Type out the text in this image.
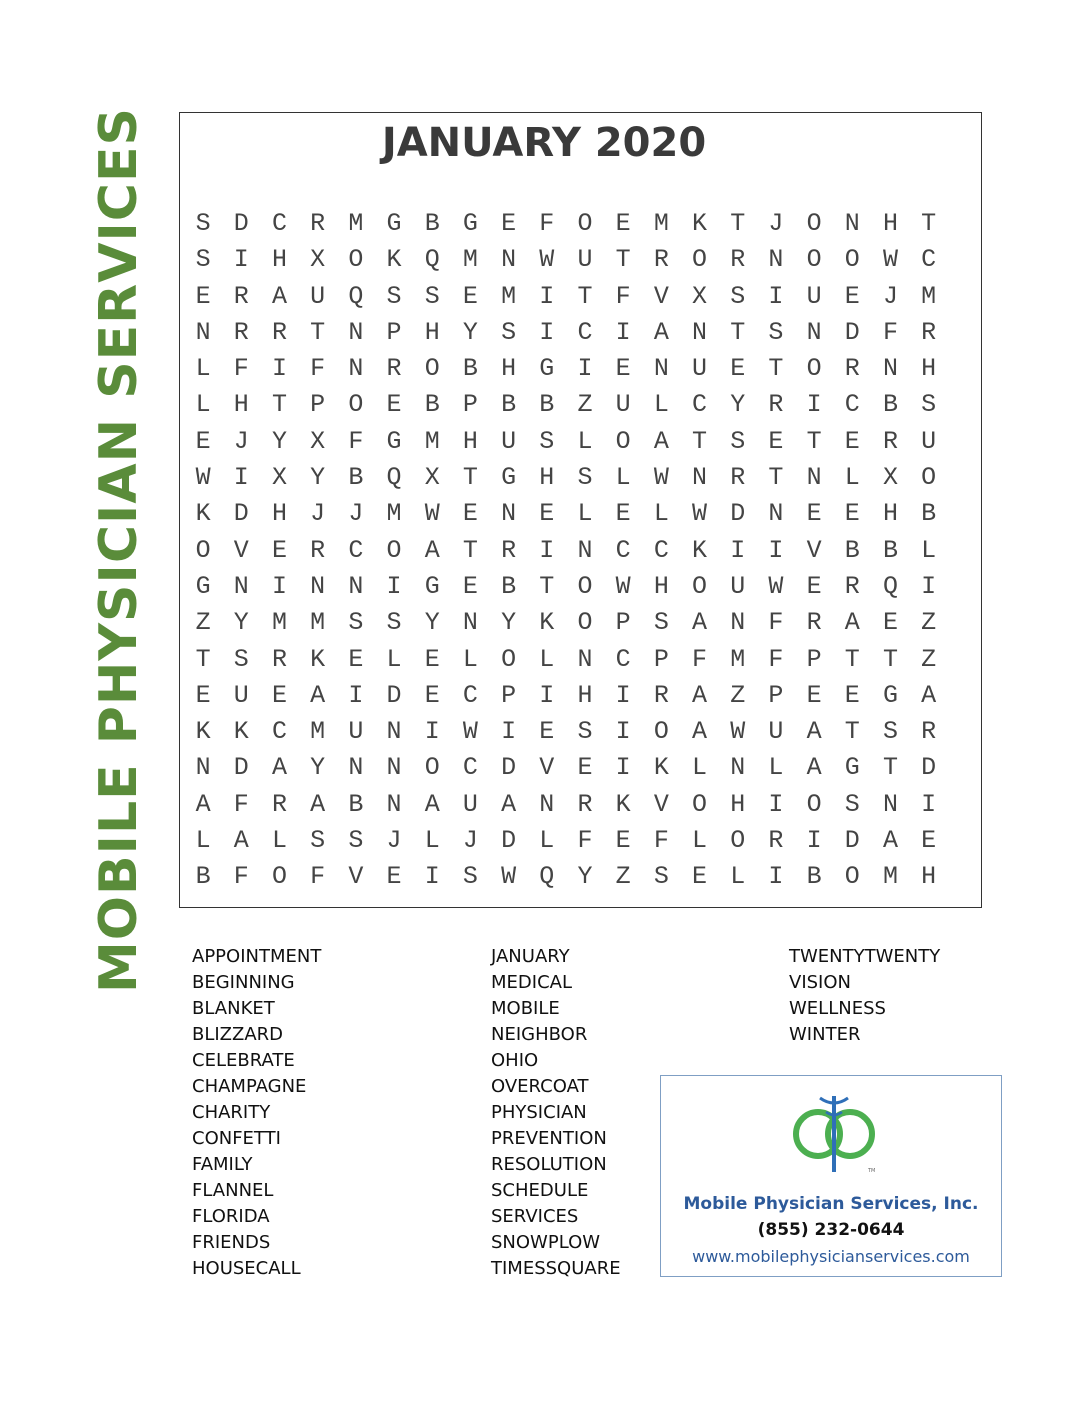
MOBILE PHYSICIAN SERVICES	JANUARY 2020
S D C R M G B G E F O E M K T J O N H T
S I H X O K Q M N W U T R O R N O O W C
E R A U Q S S E M I T F V X S I U E J M
N R R T N P H Y S I C I A N T S N D F R
L F I F N R O B H G I E N U E T O R N H
L H T P O E B P B B Z U L C Y R I C B S
E J Y X F G M H U S L O A T S E T E R U
W I X Y B Q X T G H S L W N R T N L X O
K D H J J M W E N E L E L W D N E E H B
O V E R C O A T R I N C C K I I V B B L
G N I N N I G E B T O W H O U W E R Q I
Z Y M M S S Y N Y K O P S A N F R A E Z
T S R K E L E L O L N C P F M F P T T Z
E U E A I D E C P I H I R A Z P E E G A
K K C M U N I W I E S I O A W U A T S R
N D A Y N N O C D V E I K L N L A G T D
A F R A B N A U A N R K V O H I O S N I
L A L S S J L J D L F E F L O R I D A E
B F O F V E I S W Q Y Z S E L I B O M H
APPOINTMENT
BEGINNING
BLANKET
BLIZZARD
CELEBRATE
CHAMPAGNE
CHARITY
CONFETTI
FAMILY
FLANNEL
FLORIDA
FRIENDS
HOUSECALL
JANUARY
MEDICAL
MOBILE
NEIGHBOR
OHIO
OVERCOAT
PHYSICIAN
PREVENTION
RESOLUTION
SCHEDULE
SERVICES
SNOWPLOW
TIMESSQUARE
TWENTYTWENTY
VISION
WELLNESS
WINTER
TM
Mobile Physician Services, Inc.
(855) 232-0644
www.mobilephysicianservices.com
